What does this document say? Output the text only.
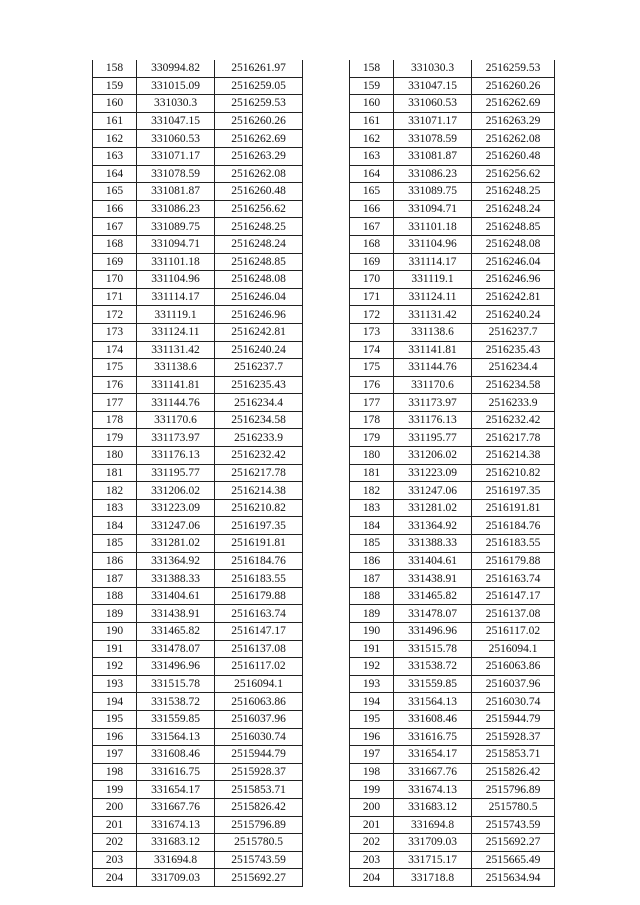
158	330994.82	2516261.97
159	331015.09	2516259.05
160	331030.3	2516259.53
161	331047.15	2516260.26
162	331060.53	2516262.69
163	331071.17	2516263.29
164	331078.59	2516262.08
165	331081.87	2516260.48
166	331086.23	2516256.62
167	331089.75	2516248.25
168	331094.71	2516248.24
169	331101.18	2516248.85
170	331104.96	2516248.08
171	331114.17	2516246.04
172	331119.1	2516246.96
173	331124.11	2516242.81
174	331131.42	2516240.24
175	331138.6	2516237.7
176	331141.81	2516235.43
177	331144.76	2516234.4
178	331170.6	2516234.58
179	331173.97	2516233.9
180	331176.13	2516232.42
181	331195.77	2516217.78
182	331206.02	2516214.38
183	331223.09	2516210.82
184	331247.06	2516197.35
185	331281.02	2516191.81
186	331364.92	2516184.76
187	331388.33	2516183.55
188	331404.61	2516179.88
189	331438.91	2516163.74
190	331465.82	2516147.17
191	331478.07	2516137.08
192	331496.96	2516117.02
193	331515.78	2516094.1
194	331538.72	2516063.86
195	331559.85	2516037.96
196	331564.13	2516030.74
197	331608.46	2515944.79
198	331616.75	2515928.37
199	331654.17	2515853.71
200	331667.76	2515826.42
201	331674.13	2515796.89
202	331683.12	2515780.5
203	331694.8	2515743.59
204	331709.03	2515692.27
158	331030.3	2516259.53
159	331047.15	2516260.26
160	331060.53	2516262.69
161	331071.17	2516263.29
162	331078.59	2516262.08
163	331081.87	2516260.48
164	331086.23	2516256.62
165	331089.75	2516248.25
166	331094.71	2516248.24
167	331101.18	2516248.85
168	331104.96	2516248.08
169	331114.17	2516246.04
170	331119.1	2516246.96
171	331124.11	2516242.81
172	331131.42	2516240.24
173	331138.6	2516237.7
174	331141.81	2516235.43
175	331144.76	2516234.4
176	331170.6	2516234.58
177	331173.97	2516233.9
178	331176.13	2516232.42
179	331195.77	2516217.78
180	331206.02	2516214.38
181	331223.09	2516210.82
182	331247.06	2516197.35
183	331281.02	2516191.81
184	331364.92	2516184.76
185	331388.33	2516183.55
186	331404.61	2516179.88
187	331438.91	2516163.74
188	331465.82	2516147.17
189	331478.07	2516137.08
190	331496.96	2516117.02
191	331515.78	2516094.1
192	331538.72	2516063.86
193	331559.85	2516037.96
194	331564.13	2516030.74
195	331608.46	2515944.79
196	331616.75	2515928.37
197	331654.17	2515853.71
198	331667.76	2515826.42
199	331674.13	2515796.89
200	331683.12	2515780.5
201	331694.8	2515743.59
202	331709.03	2515692.27
203	331715.17	2515665.49
204	331718.8	2515634.94
